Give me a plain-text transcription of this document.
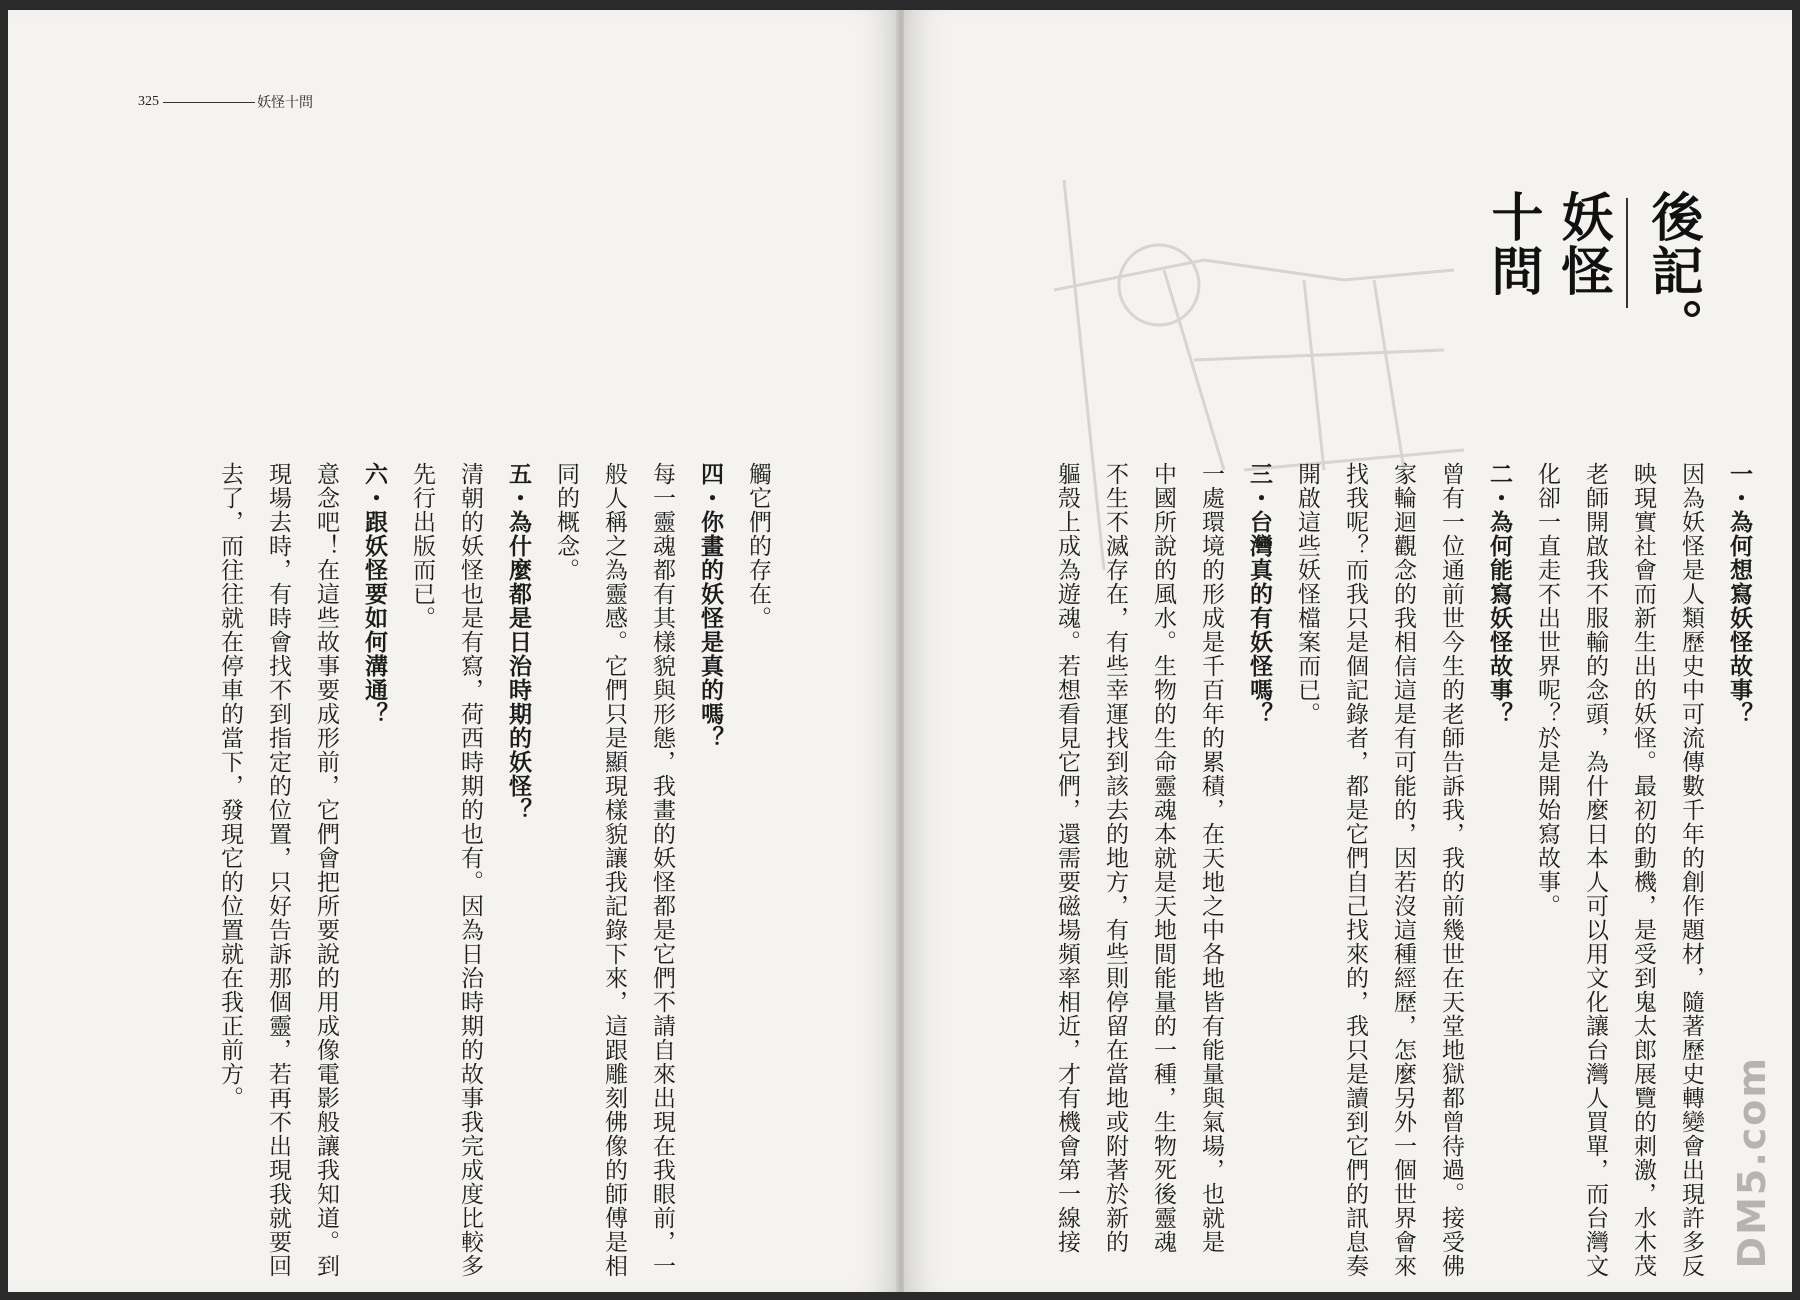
325	妖怪十問
觸它們的存在。
四・你畫的妖怪是真的嗎？
每一靈魂都有其樣貌與形態，我畫的妖怪都是它們不請自來出現在我眼前，一
般人稱之為靈感。它們只是顯現樣貌讓我記錄下來，這跟雕刻佛像的師傅是相
同的概念。
五・為什麼都是日治時期的妖怪？
清朝的妖怪也是有寫，荷西時期的也有。因為日治時期的故事我完成度比較多
先行出版而已。
六・跟妖怪要如何溝通？
意念吧！在這些故事要成形前，它們會把所要說的用成像電影般讓我知道。到
現場去時，有時會找不到指定的位置，只好告訴那個靈，若再不出現我就要回
去了，而往往就在停車的當下，發現它的位置就在我正前方。
後記。
妖怪
十問
一・為何想寫妖怪故事？
因為妖怪是人類歷史中可流傳數千年的創作題材，隨著歷史轉變會出現許多反
映現實社會而新生出的妖怪。最初的動機，是受到鬼太郎展覽的刺激，水木茂
老師開啟我不服輸的念頭，為什麼日本人可以用文化讓台灣人買單，而台灣文
化卻一直走不出世界呢？於是開始寫故事。
二・為何能寫妖怪故事？
曾有一位通前世今生的老師告訴我，我的前幾世在天堂地獄都曾待過。接受佛
家輪迴觀念的我相信這是有可能的，因若沒這種經歷，怎麼另外一個世界會來
找我呢？而我只是個記錄者，都是它們自己找來的，我只是讀到它們的訊息奏
開啟這些妖怪檔案而已。
三・台灣真的有妖怪嗎？
一處環境的形成是千百年的累積，在天地之中各地皆有能量與氣場，也就是
中國所說的風水。生物的生命靈魂本就是天地間能量的一種，生物死後靈魂
不生不滅存在，有些幸運找到該去的地方，有些則停留在當地或附著於新的
軀殼上成為遊魂。若想看見它們，還需要磁場頻率相近，才有機會第一線接	DM5.com
